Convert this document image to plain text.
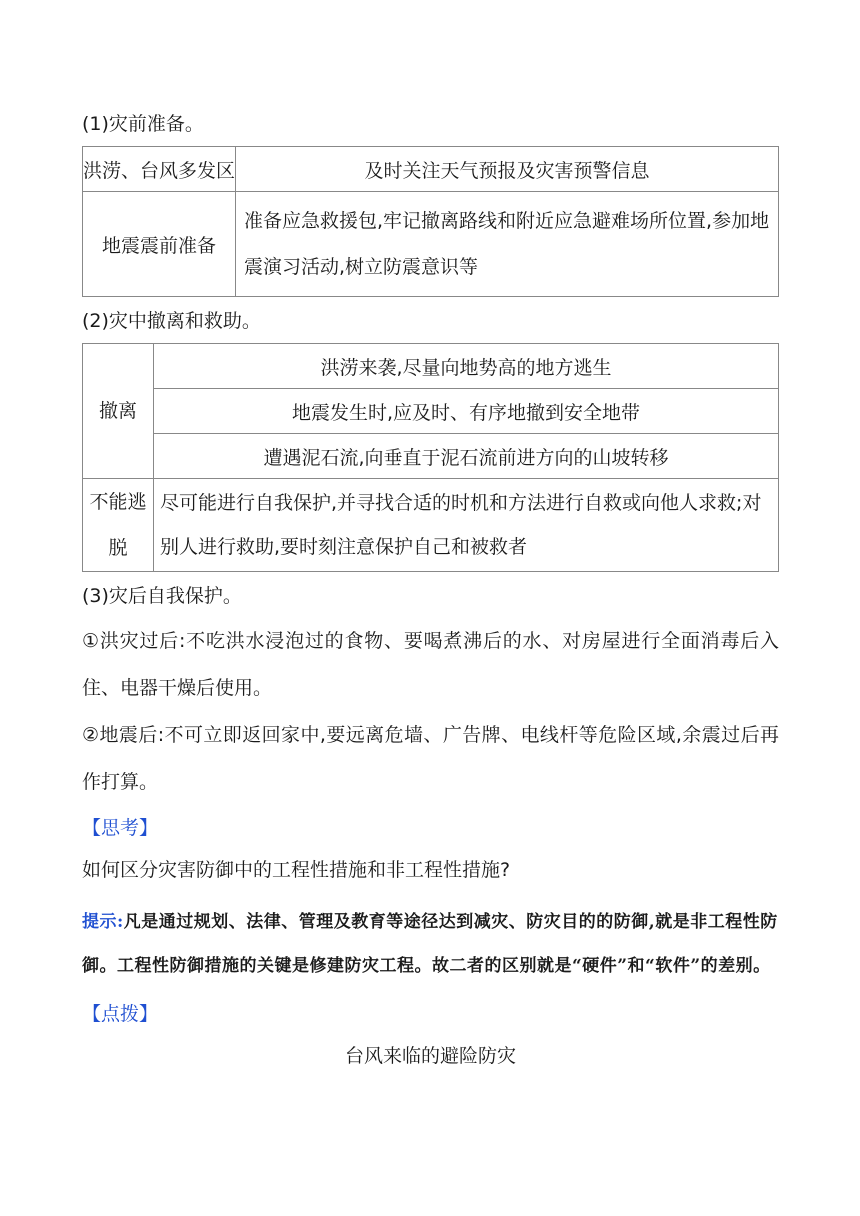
(1)灾前准备。

洪涝、台风多发区	及时关注天气预报及灾害预警信息
地震震前准备	准备应急救援包,牢记撤离路线和附近应急避难场所位置,参加地震演习活动,树立防震意识等

(2)灾中撤离和救助。

撤离	洪涝来袭,尽量向地势高的地方逃生
	地震发生时,应及时、有序地撤到安全地带
	遭遇泥石流,向垂直于泥石流前进方向的山坡转移
不能逃脱	尽可能进行自我保护,并寻找合适的时机和方法进行自救或向他人求救;对别人进行救助,要时刻注意保护自己和被救者

(3)灾后自我保护。

①洪灾过后:不吃洪水浸泡过的食物、要喝煮沸后的水、对房屋进行全面消毒后入住、电器干燥后使用。

②地震后:不可立即返回家中,要远离危墙、广告牌、电线杆等危险区域,余震过后再作打算。

【思考】

如何区分灾害防御中的工程性措施和非工程性措施?

提示:凡是通过规划、法律、管理及教育等途径达到减灾、防灾目的的防御,就是非工程性防御。工程性防御措施的关键是修建防灾工程。故二者的区别就是“硬件”和“软件”的差别。

【点拨】

台风来临的避险防灾
